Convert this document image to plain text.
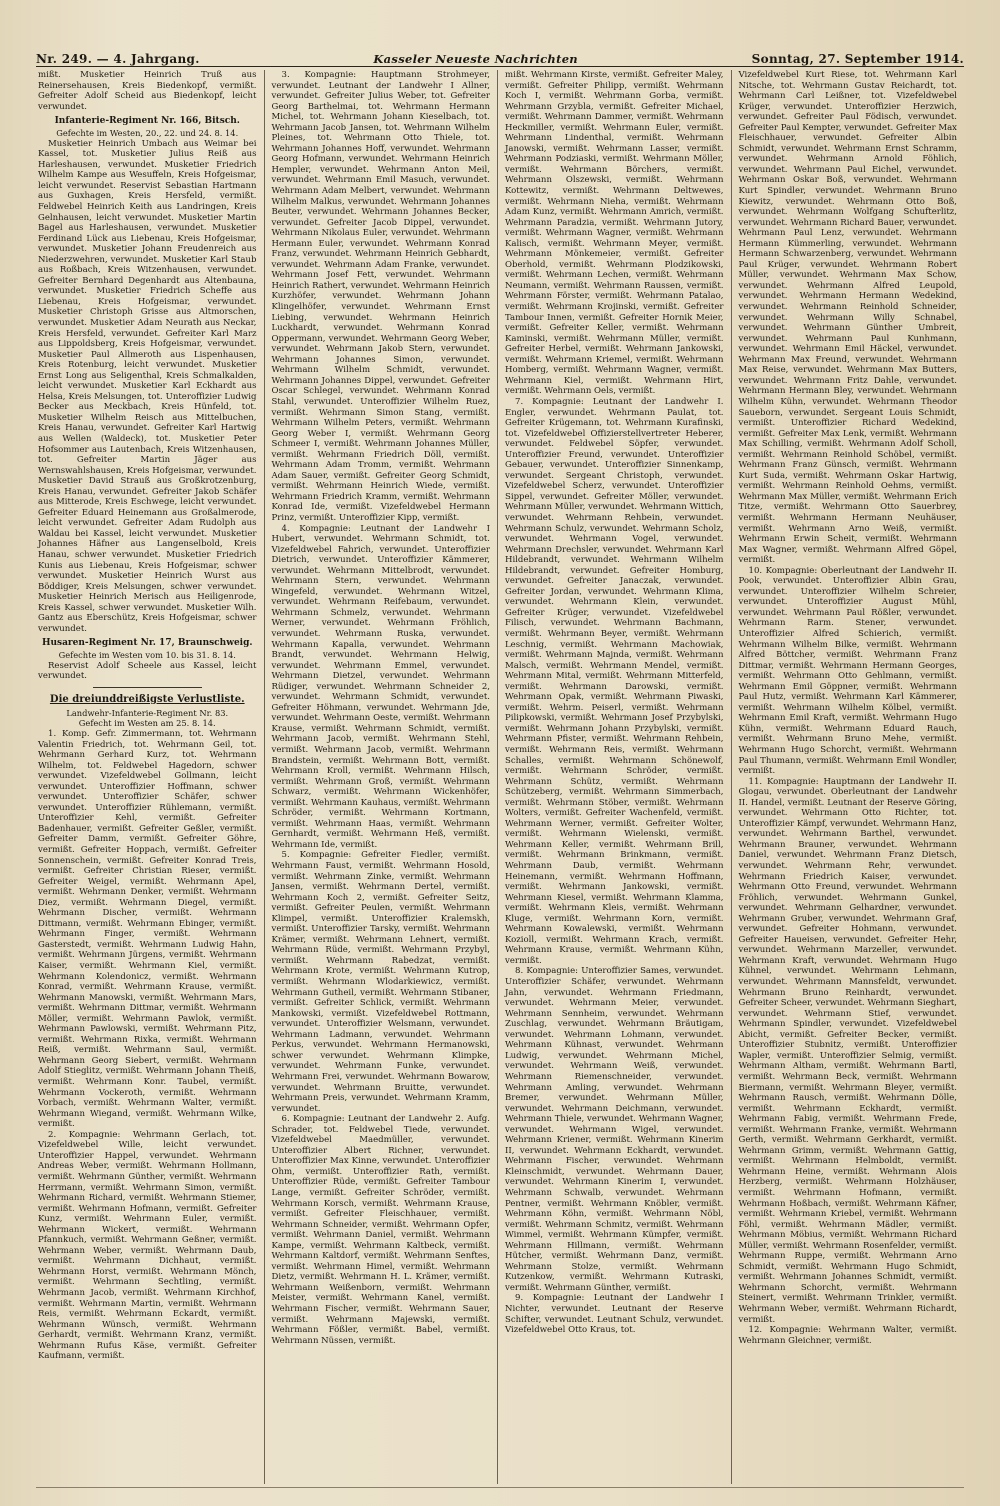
Nr. 249. — 4. Jahrgang.	Kasseler Neueste Nachrichten	Sonntag, 27. September 1914.

mißt. Musketier Heinrich Truß aus Reinersehausen, Kreis Biedenkopf, vermißt. Gefreiter Adolf Scheid aus Biedenkopf, leicht verwundet.

Infanterie-Regiment Nr. 166, Bitsch.
Gefechte im Westen, 20., 22. und 24. 8. 14.

Musketier Heinrich Umbach aus Weimar bei Kassel, tot. Musketier Julius Reiß aus Harleshausen, verwundet. Musketier Friedrich Wilhelm Kampe aus Wesuffeln, Kreis Hofgeismar, leicht verwundet. Reservist Sebastian Hartmann aus Guxhagen, Kreis Hersfeld, vermißt. Feldwebel Heinrich Keith aus Landringen, Kreis Gelnhausen, leicht verwundet. Musketier Martin Bagel aus Harleshausen, verwundet. Musketier Ferdinand Lück aus Liebenau, Kreis Hofgeismar, verwundet. Musketier Johann Freudenreich aus Niederzwehren, verwundet. Musketier Karl Staub aus Roßbach, Kreis Witzenhausen, verwundet. Gefreiter Bernhard Degenhardt aus Altenbauna, verwundet. Musketier Friedrich Scheffe aus Liebenau, Kreis Hofgeismar, verwundet. Musketier Christoph Grisse aus Altmorschen, verwundet. Musketier Adam Neurath aus Neckar, Kreis Hersfeld, verwundet. Gefreiter Karl Marz aus Lippoldsberg, Kreis Hofgeismar, verwundet. Musketier Paul Allmeroth aus Lispenhausen, Kreis Rotenburg, leicht verwundet. Musketier Ernst Long aus Seligenthal, Kreis Schmalkalden, leicht verwundet. Musketier Karl Eckhardt aus Helsa, Kreis Melsungen, tot. Unteroffizier Ludwig Becker aus Meckbach, Kreis Hünfeld, tot. Musketier Wilhelm Reisch aus Mittelbuchen, Kreis Hanau, verwundet. Gefreiter Karl Hartwig aus Wellen (Waldeck), tot. Musketier Peter Hofsommer aus Lautenbach, Kreis Witzenhausen, tot. Gefreiter Martin Jäger aus Wernswahlshausen, Kreis Hofgeismar, verwundet. Musketier David Strauß aus Großkrotzenburg, Kreis Hanau, verwundet. Gefreiter Jakob Schäfer aus Mitterode, Kreis Eschwege, leicht verwundet. Gefreiter Eduard Heinemann aus Großalmerode, leicht verwundet. Gefreiter Adam Rudolph aus Waldau bei Kassel, leicht verwundet. Musketier Johannes Häfner aus Langenselbold, Kreis Hanau, schwer verwundet. Musketier Friedrich Kunis aus Liebenau, Kreis Hofgeismar, schwer verwundet. Musketier Heinrich Wurst aus Böddiger, Kreis Melsungen, schwer verwundet. Musketier Heinrich Merisch aus Heiligenrode, Kreis Kassel, schwer verwundet. Musketier Wilh. Gantz aus Eberschütz, Kreis Hofgeismar, schwer verwundet.

Husaren-Regiment Nr. 17, Braunschweig.
Gefechte im Westen vom 10. bis 31. 8. 14.

Reservist Adolf Scheele aus Kassel, leicht verwundet.

Die dreiunddreißigste Verlustliste.
Landwehr-Infanterie-Regiment Nr. 83.
Gefecht im Westen am 25. 8. 14.

1. Komp. Gefr. Zimmermann, tot. Wehrmann Valentin Friedrich, tot. Wehrmann Geil, tot. Wehrmann Gerhard Kurz, tot. Wehrmann Wilhelm, tot. Feldwebel Hagedorn, schwer verwundet. Vizefeldwebel Gollmann, leicht verwundet. Unteroffizier Hoffmann, schwer verwundet. Unteroffizier Schäfer, schwer verwundet. Unteroffizier Rühlemann, vermißt. Unteroffizier Kehl, vermißt. Gefreiter Badenhauer, vermißt. Gefreiter Geßler, vermißt. Gefreiter Damm, vermißt. Gefreiter Göhre, vermißt. Gefreiter Hoppach, vermißt. Gefreiter Sonnenschein, vermißt. Gefreiter Konrad Treis, vermißt. Gefreiter Christian Rieser, vermißt. Gefreiter Weigel, vermißt. Wehrmann Apel, vermißt. Wehrmann Denker, vermißt. Wehrmann Diez, vermißt. Wehrmann Diegel, vermißt. Wehrmann Discher, vermißt. Wehrmann Dittmann, vermißt. Wehrmann Ebinger, vermißt. Wehrmann Finger, vermißt. Wehrmann Gasterstedt, vermißt. Wehrmann Ludwig Hahn, vermißt. Wehrmann Jürgens, vermißt. Wehrmann Kaiser, vermißt. Wehrmann Kiel, vermißt. Wehrmann Kolendonicz, vermißt. Wehrmann Konrad, vermißt. Wehrmann Krause, vermißt. Wehrmann Manowski, vermißt. Wehrmann Mars, vermißt. Wehrmann Dittmar, vermißt. Wehrmann Möller, vermißt. Wehrmann Pawlok, vermißt. Wehrmann Pawlowski, vermißt. Wehrmann Pitz, vermißt. Wehrmann Rixka, vermißt. Wehrmann Reiß, vermißt. Wehrmann Saul, vermißt. Wehrmann Georg Siebert, vermißt. Wehrmann Adolf Stieglitz, vermißt. Wehrmann Johann Theiß, vermißt. Wehrmann Konr. Taubel, vermißt. Wehrmann Vockeroth, vermißt. Wehrmann Vorbach, vermißt. Wehrmann Walter, vermißt. Wehrmann Wiegand, vermißt. Wehrmann Wilke, vermißt.

2. Kompagnie: Wehrmann Gerlach, tot. Vizefeldwebel Wille, leicht verwundet. Unteroffizier Happel, verwundet. Wehrmann Andreas Weber, vermißt. Wehrmann Hollmann, vermißt. Wehrmann Günther, vermißt. Wehrmann Herrmann, vermißt. Wehrmann Simon, vermißt. Wehrmann Richard, vermißt. Wehrmann Stiemer, vermißt. Wehrmann Hofmann, vermißt. Gefreiter Kunz, vermißt. Wehrmann Euler, vermißt. Wehrmann Wickert, vermißt. Wehrmann Pfannkuch, vermißt. Wehrmann Geßner, vermißt. Wehrmann Weber, vermißt. Wehrmann Daub, vermißt. Wehrmann Dichhaut, vermißt. Wehrmann Horst, vermißt. Wehrmann Mönch, vermißt. Wehrmann Sechtling, vermißt. Wehrmann Jacob, vermißt. Wehrmann Kirchhof, vermißt. Wehrmann Martin, vermißt. Wehrmann Reis, vermißt. Wehrmann Eckardt, vermißt. Wehrmann Wünsch, vermißt. Wehrmann Gerhardt, vermißt. Wehrmann Kranz, vermißt. Wehrmann Rufus Käse, vermißt. Gefreiter Kaufmann, vermißt.

3. Kompagnie: Hauptmann Strohmeyer, verwundet. Leutnant der Landwehr I Allner, verwundet. Gefreiter Julius Weber, tot. Gefreiter Georg Barthelmai, tot. Wehrmann Hermann Michel, tot. Wehrmann Johann Kieselbach, tot. Wehrmann Jacob Jansen, tot. Wehrmann Wilhelm Pleines, tot. Wehrmann Otto Thiele, tot. Wehrmann Johannes Hoff, verwundet. Wehrmann Georg Hofmann, verwundet. Wehrmann Heinrich Hempler, verwundet. Wehrmann Anton Meil, verwundet. Wehrmann Emil Masuch, verwundet. Wehrmann Adam Melbert, verwundet. Wehrmann Wilhelm Malkus, verwundet. Wehrmann Johannes Beuter, verwundet. Wehrmann Johannes Becker, verwundet. Gefreiter Jacob Dippel, verwundet. Wehrmann Nikolaus Euler, verwundet. Wehrmann Hermann Euler, verwundet. Wehrmann Konrad Franz, verwundet. Wehrmann Heinrich Gebhardt, verwundet. Wehrmann Adam Franke, verwundet. Wehrmann Josef Fett, verwundet. Wehrmann Heinrich Rathert, verwundet. Wehrmann Heinrich Kurzhöfer, verwundet. Wehrmann Johann Klingelhöfer, verwundet. Wehrmann Ernst Liebing, verwundet. Wehrmann Heinrich Luckhardt, verwundet. Wehrmann Konrad Oppermann, verwundet. Wehrmann Georg Weber, verwundet. Wehrmann Jakob Stern, verwundet. Wehrmann Johannes Simon, verwundet. Wehrmann Wilhelm Schmidt, verwundet. Wehrmann Johannes Dippel, verwundet. Gefreiter Oscar Schlegel, verwundet. Wehrmann Konrad Stahl, verwundet. Unteroffizier Wilhelm Ruez, vermißt. Wehrmann Simon Stang, vermißt. Wehrmann Wilhelm Peters, vermißt. Wehrmann Georg Weber I, vermißt. Wehrmann Georg Schmeer I, vermißt. Wehrmann Johannes Müller, vermißt. Wehrmann Friedrich Döll, vermißt. Wehrmann Adam Tromm, vermißt. Wehrmann Adam Sauer, vermißt. Gefreiter Georg Schmidt, vermißt. Wehrmann Heinrich Wiede, vermißt. Wehrmann Friedrich Kramm, vermißt. Wehrmann Konrad Ide, vermißt. Vizefeldwebel Hermann Prinz, vermißt. Unteroffizier Kipp, vermißt.

4. Kompagnie: Leutnant der Landwehr I Hubert, verwundet. Wehrmann Schmidt, tot. Vizefeldwebel Fahrich, verwundet. Unteroffizier Dietrich, verwundet. Unteroffizier Kämmerer, verwundet. Wehrmann Mittelbrodt, verwundet. Wehrmann Stern, verwundet. Wehrmann Wingefeld, verwundet. Wehrmann Witzel, verwundet. Wehrmann Reifebaum, verwundet. Wehrmann Schmelz, verwundet. Wehrmann Werner, verwundet. Wehrmann Fröhlich, verwundet. Wehrmann Ruska, verwundet. Wehrmann Kapalla, verwundet. Wehrmann Brandt, verwundet. Wehrmann Helwig, verwundet. Wehrmann Emmel, verwundet. Wehrmann Dietzel, verwundet. Wehrmann Rüdiger, verwundet. Wehrmann Schneider 2, verwundet. Wehrmann Schmidt, verwundet. Gefreiter Höhmann, verwundet. Wehrmann Jde, verwundet. Wehrmann Oeste, vermißt. Wehrmann Krause, vermißt. Wehrmann Schmidt, vermißt. Wehrmann Jacob, vermißt. Wehrmann Stehl, vermißt. Wehrmann Jacob, vermißt. Wehrmann Brandstein, vermißt. Wehrmann Bott, vermißt. Wehrmann Kroll, vermißt. Wehrmann Hilsch, vermißt. Wehrmann Groß, vermißt. Wehrmann Schwarz, vermißt. Wehrmann Wickenhöfer, vermißt. Wehrmann Kauhaus, vermißt. Wehrmann Schröder, vermißt. Wehrmann Kortmann, vermißt. Wehrmann Haas, vermißt. Wehrmann Gernhardt, vermißt. Wehrmann Heß, vermißt. Wehrmann Ide, vermißt.

5. Kompagnie: Gefreiter Fiedler, vermißt. Wehrmann Faust, vermißt. Wehrmann Hosold, vermißt. Wehrmann Zinke, vermißt. Wehrmann Jansen, vermißt. Wehrmann Dertel, vermißt. Wehrmann Koch 2, vermißt. Gefreiter Seitz, vermißt. Gefreiter Peulen, vermißt. Wehrmann Klimpel, vermißt. Unteroffizier Kralemskh, vermißt. Unteroffizier Tarsky, vermißt. Wehrmann Krämer, vermißt. Wehrmann Lehnert, vermißt. Wehrmann Rüde, vermißt. Wehrmann Przybyl, vermißt. Wehrmann Rabedzat, vermißt. Wehrmann Krote, vermißt. Wehrmann Kutrop, vermißt. Wehrmann Wlodarkiewicz, vermißt. Wehrmann Gutheil, vermißt. Wehrmann Stibaner, vermißt. Gefreiter Schlick, vermißt. Wehrmann Mankowski, vermißt. Vizefeldwebel Rottmann, verwundet. Unteroffizier Welsmann, verwundet. Wehrmann Ladmann, verwundet. Wehrmann Perkus, verwundet. Wehrmann Hermanowski, schwer verwundet. Wehrmann Klimpke, verwundet. Wehrmann Funke, verwundet. Wehrmann Frei, verwundet. Wehrmann Bowarow, verwundet. Wehrmann Bruitte, verwundet. Wehrmann Preis, verwundet. Wehrmann Kramm, verwundet.

6. Kompagnie: Leutnant der Landwehr 2. Aufg. Schrader, tot. Feldwebel Tiede, verwundet. Vizefeldwebel Maedmüller, verwundet. Unteroffizier Albert Richner, verwundet. Unteroffizier Max Kinne, verwundet. Unteroffizier Ohm, vermißt. Unteroffizier Rath, vermißt. Unteroffizier Rüde, vermißt. Gefreiter Tambour Lange, vermißt. Gefreiter Schröder, vermißt. Wehrmann Korsch, vermißt. Wehrmann Krause, vermißt. Gefreiter Fleischhauer, vermißt. Wehrmann Schneider, vermißt. Wehrmann Opfer, vermißt. Wehrmann Daniel, vermißt. Wehrmann Kampe, vermißt. Wehrmann Kaltbeck, vermißt. Wehrmann Kaltdorf, vermißt. Wehrmann Senftes, vermißt. Wehrmann Himel, vermißt. Wehrmann Dietz, vermißt. Wehrmann H. L. Krämer, vermißt. Wehrmann Weißenborn, vermißt. Wehrmann Meister, vermißt. Wehrmann Kanel, vermißt. Wehrmann Fischer, vermißt. Wehrmann Sauer, vermißt. Wehrmann Majewski, vermißt. Wehrmann Fößler, vermißt. Babel, vermißt. Wehrmann Nüssen, vermißt.

mißt. Wehrmann Kirste, vermißt. Gefreiter Maley, vermißt. Gefreiter Philipp, vermißt. Wehrmann Koch I, vermißt. Wehrmann Gorba, vermißt. Wehrmann Grzybla, vermißt. Gefreiter Michael, vermißt. Wehrmann Dammer, vermißt. Wehrmann Heckmiller, vermißt. Wehrmann Euler, vermißt. Wehrmann Lindenthal, vermißt. Wehrmann Janowski, vermißt. Wehrmann Lasser, vermißt. Wehrmann Podziaski, vermißt. Wehrmann Möller, vermißt. Wehrmann Börchers, vermißt. Wehrmann Olszewski, vermißt. Wehrmann Kottewitz, vermißt. Wehrmann Deltwewes, vermißt. Wehrmann Nieha, vermißt. Wehrmann Adam Kunz, vermißt. Wehrmann Amrich, vermißt. Wehrmann Paradzia, vermißt. Wehrmann Jutory, vermißt. Wehrmann Wagner, vermißt. Wehrmann Kalisch, vermißt. Wehrmann Meyer, vermißt. Wehrmann Mönkemeier, vermißt. Gefreiter Oberhold, vermißt. Wehrmann Plodzikowski, vermißt. Wehrmann Lechen, vermißt. Wehrmann Neumann, vermißt. Wehrmann Raussen, vermißt. Wehrmann Förster, vermißt. Wehrmann Patalao, vermißt. Wehrmann Krojinski, vermißt. Gefreiter Tambour Innen, vermißt. Gefreiter Hornik Meier, vermißt. Gefreiter Keller, vermißt. Wehrmann Kaminski, vermißt. Wehrmann Müller, vermißt. Gefreiter Herbel, vermißt. Wehrmann Jankowski, vermißt. Wehrmann Kriemel, vermißt. Wehrmann Homberg, vermißt. Wehrmann Wagner, vermißt. Wehrmann Kiel, vermißt. Wehrmann Hirt, vermißt. Wehrmann Oels, vermißt.

7. Kompagnie: Leutnant der Landwehr I. Engler, verwundet. Wehrmann Paulat, tot. Gefreiter Krügemann, tot. Wehrmann Kurafinski, tot. Vizefeldwebel Offizierstellvertreter Heberer, verwundet. Feldwebel Söpfer, verwundet. Unteroffizier Freund, verwundet. Unteroffizier Gebauer, verwundet. Unteroffizier Sinnenkamp, verwundet. Sergeant Christoph, verwundet. Vizefeldwebel Scherz, verwundet. Unteroffizier Sippel, verwundet. Gefreiter Möller, verwundet. Wehrmann Müller, verwundet. Wehrmann Wittich, verwundet. Wehrmann Rehbein, verwundet. Wehrmann Schulz, verwundet. Wehrmann Scholz, verwundet. Wehrmann Vogel, verwundet. Wehrmann Drechsler, verwundet. Wehrmann Karl Hildebrandt, verwundet. Wehrmann Wilhelm Hildebrandt, verwundet. Gefreiter Homburg, verwundet. Gefreiter Janaczak, verwundet. Gefreiter Jordan, verwundet. Wehrmann Klima, verwundet. Wehrmann Klein, verwundet. Gefreiter Krüger, verwundet. Vizefeldwebel Filisch, verwundet. Wehrmann Bachmann, vermißt. Wehrmann Beyer, vermißt. Wehrmann Leschnig, vermißt. Wehrmann Machowiak, vermißt. Wehrmann Majnda, vermißt. Wehrmann Malsch, vermißt. Wehrmann Mendel, vermißt. Wehrmann Mital, vermißt. Wehrmann Mitterfeld, vermißt. Wehrmann Darowski, vermißt. Wehrmann Opak, vermißt. Wehrmann Piwaski, vermißt. Wehrm. Peiserl, vermißt. Wehrmann Pilipkowski, vermißt. Wehrmann Josef Przybylski, vermißt. Wehrmann Johann Przybylski, vermißt. Wehrmann Pfister, vermißt. Wehrmann Rehbein, vermißt. Wehrmann Reis, vermißt. Wehrmann Schalles, vermißt. Wehrmann Schönewolf, vermißt. Wehrmann Schröder, vermißt. Wehrmann Schütz, vermißt. Wehrmann Schützeberg, vermißt. Wehrmann Simmerbach, vermißt. Wehrmann Stöber, vermißt. Wehrmann Wolters, vermißt. Gefreiter Wachenfeld, vermißt. Wehrmann Werner, vermißt. Gefreiter Wolter, vermißt. Wehrmann Wielenski, vermißt. Wehrmann Keller, vermißt. Wehrmann Brill, vermißt. Wehrmann Brinkmann, vermißt. Wehrmann Daub, vermißt. Wehrmann Heinemann, vermißt. Wehrmann Hoffmann, vermißt. Wehrmann Jankowski, vermißt. Wehrmann Kiesel, vermißt. Wehrmann Klamma, vermißt. Wehrmann Kleis, vermißt. Wehrmann Kluge, vermißt. Wehrmann Korn, vermißt. Wehrmann Kowalewski, vermißt. Wehrmann Kozioll, vermißt. Wehrmann Krach, vermißt. Wehrmann Krause, vermißt. Wehrmann Kühn, vermißt.

8. Kompagnie: Unteroffizier Sames, verwundet. Unteroffizier Schäfer, verwundet. Wehrmann Jahn, verwundet. Wehrmann Friedmann, verwundet. Wehrmann Meier, verwundet. Wehrmann Sennheim, verwundet. Wehrmann Zuschlag, verwundet. Wehrmann Bräutigam, verwundet. Wehrmann Lohmann, verwundet. Wehrmann Kühnast, verwundet. Wehrmann Ludwig, verwundet. Wehrmann Michel, verwundet. Wehrmann Weiß, verwundet. Wehrmann Riemenschneider, verwundet. Wehrmann Amling, verwundet. Wehrmann Bremer, verwundet. Wehrmann Müller, verwundet. Wehrmann Deichmann, verwundet. Wehrmann Thiele, verwundet. Wehrmann Wagner, verwundet. Wehrmann Wigel, verwundet. Wehrmann Kriener, vermißt. Wehrmann Kinerim II, verwundet. Wehrmann Eckhardt, verwundet. Wehrmann Fischer, verwundet. Wehrmann Kleinschmidt, verwundet. Wehrmann Dauer, verwundet. Wehrmann Kinerim I, verwundet. Wehrmann Schwalb, verwundet. Wehrmann Pentner, vermißt. Wehrmann Knöbler, vermißt. Wehrmann Köhn, vermißt. Wehrmann Nöbl, vermißt. Wehrmann Schmitz, vermißt. Wehrmann Wimmel, vermißt. Wehrmann Kümpfer, vermißt. Wehrmann Hillmann, vermißt. Wehrmann Hütcher, vermißt. Wehrmann Danz, vermißt. Wehrmann Stolze, vermißt. Wehrmann Kutzenkow, vermißt. Wehrmann Kutraski, vermißt. Wehrmann Günther, vermißt.

9. Kompagnie: Leutnant der Landwehr I Nichter, verwundet. Leutnant der Reserve Schifter, verwundet. Leutnant Schulz, verwundet. Vizefeldwebel Otto Kraus, tot.

Vizefeldwebel Kurt Riese, tot. Wehrmann Karl Nitsche, tot. Wehrmann Gustav Reichardt, tot. Wehrmann Carl Leißner, tot. Vizefeldwebel Krüger, verwundet. Unteroffizier Herzwich, verwundet. Gefreiter Paul Födisch, verwundet. Gefreiter Paul Kempter, verwundet. Gefreiter Max Fleischhauer, verwundet. Gefreiter Albin Schmidt, verwundet. Wehrmann Ernst Schramm, verwundet. Wehrmann Arnold Föhlich, verwundet. Wehrmann Paul Eichel, verwundet. Wehrmann Oskar Boß, verwundet. Wehrmann Kurt Spindler, verwundet. Wehrmann Bruno Kiewitz, verwundet. Wehrmann Otto Boß, verwundet. Wehrmann Wolfgang Schufterlitz, verwundet. Wehrmann Richard Bauer, verwundet. Wehrmann Paul Lenz, verwundet. Wehrmann Hermann Kümmerling, verwundet. Wehrmann Hermann Schwarzenberg, verwundet. Wehrmann Paul Krüger, verwundet. Wehrmann Robert Müller, verwundet. Wehrmann Max Schow, verwundet. Wehrmann Alfred Leupold, verwundet. Wehrmann Hermann Wedekind, verwundet. Wehrmann Reinhold Schneider, verwundet. Wehrmann Willy Schnabel, verwundet. Wehrmann Günther Umbreit, verwundet. Wehrmann Paul Kunhmann, verwundet. Wehrmann Emil Häckel, verwundet. Wehrmann Max Freund, verwundet. Wehrmann Max Reise, verwundet. Wehrmann Max Butters, verwundet. Wehrmann Fritz Dahle, verwundet. Wehrmann Hermann Bley, verwundet. Wehrmann Wilhelm Kühn, verwundet. Wehrmann Theodor Saueborn, verwundet. Sergeant Louis Schmidt, vermißt. Unteroffizier Richard Wedekind, vermißt. Gefreiter Max Lenk, vermißt. Wehrmann Max Schilling, vermißt. Wehrmann Adolf Scholl, vermißt. Wehrmann Reinhold Schöbel, vermißt. Wehrmann Franz Günsch, vermißt. Wehrmann Kurt Suda, vermißt. Wehrmann Oskar Hartwig, vermißt. Wehrmann Reinhold Oehms, vermißt. Wehrmann Max Müller, vermißt. Wehrmann Erich Titze, vermißt. Wehrmann Otto Sauerbrey, vermißt. Wehrmann Hermann Neuhäuser, vermißt. Wehrmann Arno Weiß, vermißt. Wehrmann Erwin Scheit, vermißt. Wehrmann Max Wagner, vermißt. Wehrmann Alfred Göpel, vermißt.

10. Kompagnie: Oberleutnant der Landwehr II. Pook, verwundet. Unteroffizier Albin Grau, verwundet. Unteroffizier Wilhelm Schreier, verwundet. Unteroffizier August Mühl, verwundet. Wehrmann Paul Rößler, verwundet. Wehrmann Rarm. Stener, verwundet. Unteroffizier Alfred Schierich, vermißt. Wehrmann Wilhelm Bilke, vermißt. Wehrmann Alfred Böttcher, vermißt. Wehrmann Franz Dittmar, vermißt. Wehrmann Hermann Georges, vermißt. Wehrmann Otto Gehlmann, vermißt. Wehrmann Emil Göppner, vermißt. Wehrmann Paul Hutz, vermißt. Wehrmann Karl Kämmerer, vermißt. Wehrmann Wilhelm Kölbel, vermißt. Wehrmann Emil Kraft, vermißt. Wehrmann Hugo Kühn, vermißt. Wehrmann Eduard Rauch, vermißt. Wehrmann Bruno Mehe, vermißt. Wehrmann Hugo Schorcht, vermißt. Wehrmann Paul Thumann, vermißt. Wehrmann Emil Wondler, vermißt.

11. Kompagnie: Hauptmann der Landwehr II. Glogau, verwundet. Oberleutnant der Landwehr II. Handel, vermißt. Leutnant der Reserve Göring, verwundet. Wehrmann Otto Richter, tot. Unteroffizier Kämpf, verwundet. Wehrmann Hanz, verwundet. Wehrmann Barthel, verwundet. Wehrmann Brauner, verwundet. Wehrmann Daniel, verwundet. Wehrmann Franz Dietsch, verwundet. Wehrmann Rehr, verwundet. Wehrmann Friedrich Kaiser, verwundet. Wehrmann Otto Freund, verwundet. Wehrmann Fröhlich, verwundet. Wehrmann Gunkel, verwundet. Wehrmann Gelhardner, verwundet. Wehrmann Gruber, verwundet. Wehrmann Graf, verwundet. Gefreiter Hohmann, verwundet. Gefreiter Haueisen, verwundet. Gefreiter Hehr, verwundet. Wehrmann Marzeller, verwundet. Wehrmann Kraft, verwundet. Wehrmann Hugo Kühnel, verwundet. Wehrmann Lehmann, verwundet. Wehrmann Mannsfeldt, verwundet. Wehrmann Bruno Reinhardt, verwundet. Gefreiter Scheer, verwundet. Wehrmann Sieghart, verwundet. Wehrmann Stief, verwundet. Wehrmann Spindler, verwundet. Vizefeldwebel Abicht, vermißt. Gefreiter Becker, vermißt. Unteroffizier Stubnitz, vermißt. Unteroffizier Wapler, vermißt. Unteroffizier Selmig, vermißt. Wehrmann Altham, vermißt. Wehrmann Bartl, vermißt. Wehrmann Beck, vermißt. Wehrmann Biermann, vermißt. Wehrmann Bleyer, vermißt. Wehrmann Rausch, vermißt. Wehrmann Dölle, vermißt. Wehrmann Eckhardt, vermißt. Wehrmann Fabig, vermißt. Wehrmann Frede, vermißt. Wehrmann Franke, vermißt. Wehrmann Gerth, vermißt. Wehrmann Gerkhardt, vermißt. Wehrmann Grimm, vermißt. Wehrmann Gattig, vermißt. Wehrmann Helmboldt, vermißt. Wehrmann Heine, vermißt. Wehrmann Alois Herzberg, vermißt. Wehrmann Holzhäuser, vermißt. Wehrmann Hofmann, vermißt. Wehrmann Hoßbach, vermißt. Wehrmann Käfner, vermißt. Wehrmann Kriebel, vermißt. Wehrmann Föhl, vermißt. Wehrmann Mädler, vermißt. Wehrmann Möbius, vermißt. Wehrmann Richard Müller, vermißt. Wehrmann Rosenfelder, vermißt. Wehrmann Ruppe, vermißt. Wehrmann Arno Schmidt, vermißt. Wehrmann Hugo Schmidt, vermißt. Wehrmann Johannes Schmidt, vermißt. Wehrmann Schorcht, vermißt. Wehrmann Steinert, vermißt. Wehrmann Trinkler, vermißt. Wehrmann Weber, vermißt. Wehrmann Richardt, vermißt.

12. Kompagnie: Wehrmann Walter, vermißt. Wehrmann Gleichner, vermißt.
